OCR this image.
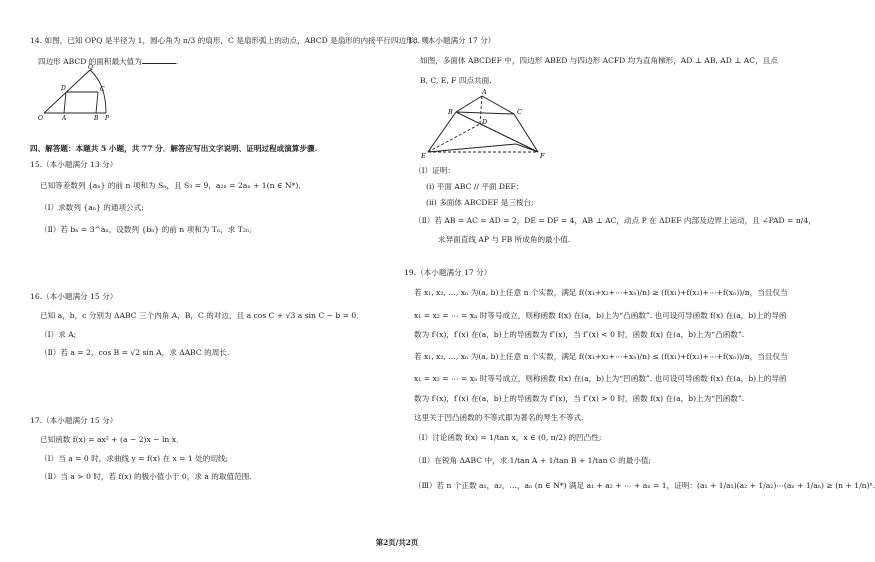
14. 如图，已知 OPQ 是半径为 1，圆心角为 π/3 的扇形，C 是扇形弧上的动点，ABCD 是扇形的内接平行四边形，则
四边形 ABCD 的面积最大值为	.
Q
D	C
O	A	B P
四、解答题：本题共 5 小题，共 77 分．解答应写出文字说明、证明过程或演算步骤.
15.（本小题满分 13 分）
已知等差数列 {aₙ} 的前 n 项和为 Sₙ，且 S₃ = 9，a₂ₙ = 2aₙ + 1(n ∈ N*)．
（Ⅰ）求数列 {aₙ} 的通项公式;
（Ⅱ）若 bₙ = 3^aₙ，设数列 {bₙ} 的前 n 项和为 Tₙ，求 T₂ₙ．
16.（本小题满分 15 分）
已知 a，b，c 分别为 ΔABC 三个内角 A，B，C 的对边，且 a cos C + √3 a sin C − b = 0．
（Ⅰ）求 A;
（Ⅱ）若 a = 2，cos B = √2 sin A，求 ΔABC 的周长.
17.（本小题满分 15 分）
已知函数 f(x) = ax² + (a − 2)x − ln x．
（Ⅰ）当 a = 0 时，求曲线 y = f(x) 在 x = 1 处的切线;
（Ⅱ）当 a > 0 时，若 f(x) 的极小值小于 0，求 a 的取值范围.
18.（本小题满分 17 分）
如图，多面体 ABCDEF 中，四边形 ABED 与四边形 ACFD 均为直角梯形，AD ⊥ AB, AD ⊥ AC，且点
B, C, E, F 四点共面.
A
B	C
D
E	F
（Ⅰ）证明：
(i) 平面 ABC // 平面 DEF；
(ii) 多面体 ABCDEF 是三棱台;
（Ⅱ）若 AB = AC = AD = 2，DE = DF = 4，AB ⊥ AC，动点 P 在 ΔDEF 内部及边界上运动，且 ∠PAD = π/4，
求异面直线 AP 与 FB 所成角的最小值.
19.（本小题满分 17 分）
若 x₁, x₂, …, xₙ 为(a, b)上任意 n 个实数，满足 f((x₁+x₂+⋯+xₙ)/n) ≥ (f(x₁)+f(x₂)+⋯+f(xₙ))/n，当且仅当
x₁ = x₂ = ⋯ = xₙ 时等号成立，则称函数 f(x) 在(a，b)上为“凸函数”. 也可设可导函数 f(x) 在(a，b)上的导函
数为 f′(x)，f′(x) 在(a，b)上的导函数为 f″(x)，当 f″(x) < 0 时，函数 f(x) 在(a，b)上为“凸函数”.
若 x₁, x₂, …, xₙ 为(a, b)上任意 n 个实数，满足 f((x₁+x₂+⋯+xₙ)/n) ≤ (f(x₁)+f(x₂)+⋯+f(xₙ))/n，当且仅当
x₁ = x₂ = ⋯ = xₙ 时等号成立，则称函数 f(x) 在(a，b)上为“凹函数”. 也可设可导函数 f(x) 在(a，b)上的导函
数为 f′(x)，f′(x) 在(a，b)上的导函数为 f″(x)，当 f″(x) > 0 时，函数 f(x) 在(a，b)上为“凹函数”.
这里关于凹凸函数的不等式即为著名的琴生不等式.
（Ⅰ）讨论函数 f(x) = 1/tan x，x ∈ (0, π/2) 的凹凸性;
（Ⅱ）在锐角 ΔABC 中，求 1/tan A + 1/tan B + 1/tan C 的最小值;
（Ⅲ）若 n 个正数 a₁，a₂，…，aₙ (n ∈ N*) 满足 a₁ + a₂ + ⋯ + aₙ = 1，证明：(a₁ + 1/a₁)(a₂ + 1/a₂)⋯(aₙ + 1/aₙ) ≥ (n + 1/n)ⁿ.
第2页/共2页
